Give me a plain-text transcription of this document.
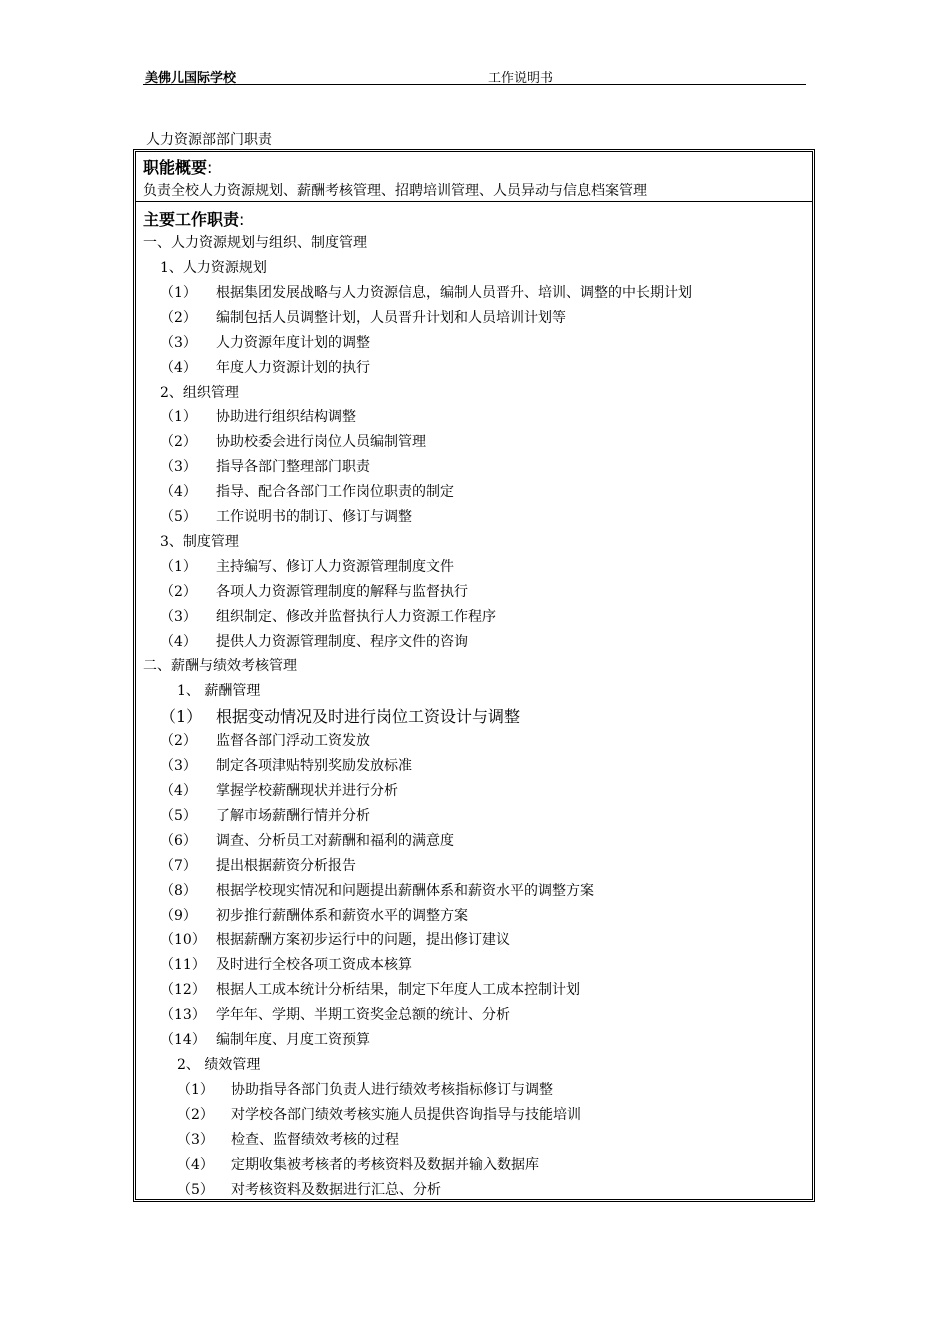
美佛儿国际学校	工作说明书
人力资源部部门职责
职能概要:
负责全校人力资源规划、薪酬考核管理、招聘培训管理、人员异动与信息档案管理
主要工作职责:
一、人力资源规划与组织、制度管理
1、人力资源规划
（1） 根据集团发展战略与人力资源信息，编制人员晋升、培训、调整的中长期计划
（2） 编制包括人员调整计划，人员晋升计划和人员培训计划等
（3） 人力资源年度计划的调整
（4） 年度人力资源计划的执行
2、组织管理
（1） 协助进行组织结构调整
（2） 协助校委会进行岗位人员编制管理
（3） 指导各部门整理部门职责
（4） 指导、配合各部门工作岗位职责的制定
（5） 工作说明书的制订、修订与调整
3、制度管理
（1） 主持编写、修订人力资源管理制度文件
（2） 各项人力资源管理制度的解释与监督执行
（3） 组织制定、修改并监督执行人力资源工作程序
（4） 提供人力资源管理制度、程序文件的咨询
二、薪酬与绩效考核管理
1、 薪酬管理
（1） 根据变动情况及时进行岗位工资设计与调整
（2） 监督各部门浮动工资发放
（3） 制定各项津贴特别奖励发放标准
（4） 掌握学校薪酬现状并进行分析
（5） 了解市场薪酬行情并分析
（6） 调查、分析员工对薪酬和福利的满意度
（7） 提出根据薪资分析报告
（8） 根据学校现实情况和问题提出薪酬体系和薪资水平的调整方案
（9） 初步推行薪酬体系和薪资水平的调整方案
（10） 根据薪酬方案初步运行中的问题，提出修订建议
（11） 及时进行全校各项工资成本核算
（12） 根据人工成本统计分析结果，制定下年度人工成本控制计划
（13） 学年年、学期、半期工资奖金总额的统计、分析
（14） 编制年度、月度工资预算
2、 绩效管理
（1） 协助指导各部门负责人进行绩效考核指标修订与调整
（2） 对学校各部门绩效考核实施人员提供咨询指导与技能培训
（3） 检查、监督绩效考核的过程
（4） 定期收集被考核者的考核资料及数据并输入数据库
（5） 对考核资料及数据进行汇总、分析
